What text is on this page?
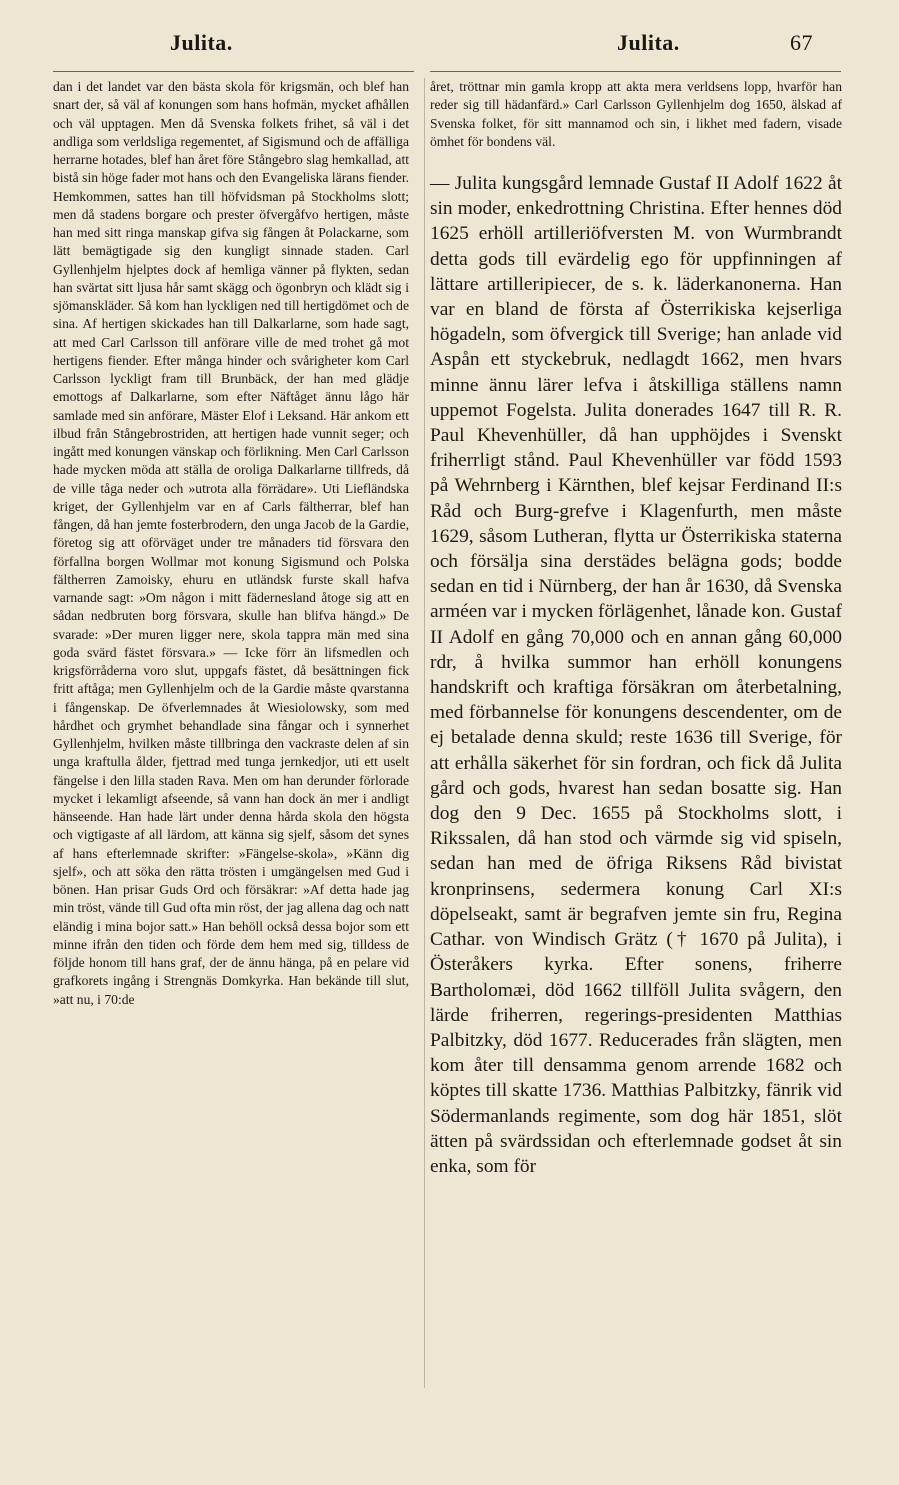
Julita.	Julita.	67

dan i det landet var den bästa skola för krigsmän, och blef han snart der, så väl af konungen som hans hofmän, mycket afhållen och väl upptagen. Men då Svenska folkets frihet, så väl i det andliga som verldsliga regementet, af Sigismund och de affälliga herrarne hotades, blef han året före Stångebro slag hemkallad, att bistå sin höge fader mot hans och den Evangeliska lärans fiender. Hemkommen, sattes han till höfvidsman på Stockholms slott; men då stadens borgare och prester öfvergåfvo hertigen, måste han med sitt ringa manskap gifva sig fången åt Polackarne, som lätt bemägtigade sig den kungligt sinnade staden. Carl Gyllenhjelm hjelptes dock af hemliga vänner på flykten, sedan han svärtat sitt ljusa hår samt skägg och ögonbryn och klädt sig i sjömanskläder. Så kom han lyckligen ned till hertigdömet och de sina. Af hertigen skickades han till Dalkarlarne, som hade sagt, att med Carl Carlsson till anförare ville de med trohet gå mot hertigens fiender. Efter många hinder och svårigheter kom Carl Carlsson lyckligt fram till Brunbäck, der han med glädje emottogs af Dalkarlarne, som efter Näftåget ännu lågo här samlade med sin anförare, Mäster Elof i Leksand. Här ankom ett ilbud från Stångebrostriden, att hertigen hade vunnit seger; och ingått med konungen vänskap och förlikning. Men Carl Carlsson hade mycken möda att ställa de oroliga Dalkarlarne tillfreds, då de ville tåga neder och »utrota alla förrädare». Uti Liefländska kriget, der Gyllenhjelm var en af Carls fältherrar, blef han fången, då han jemte fosterbrodern, den unga Jacob de la Gardie, företog sig att oförväget under tre månaders tid försvara den förfallna borgen Wollmar mot konung Sigismund och Polska fältherren Zamoisky, ehuru en utländsk furste skall hafva varnande sagt: »Om någon i mitt fädernesland åtoge sig att en sådan nedbruten borg försvara, skulle han blifva hängd.» De svarade: »Der muren ligger nere, skola tappra män med sina goda svärd fästet försvara.» — Icke förr än lifsmedlen och krigsförråderna voro slut, uppgafs fästet, då besättningen fick fritt aftåga; men Gyllenhjelm och de la Gardie måste qvarstanna i fångenskap. De öfverlemnades åt Wiesiolowsky, som med hårdhet och grymhet behandlade sina fångar och i synnerhet Gyllenhjelm, hvilken måste tillbringa den vackraste delen af sin unga kraftulla ålder, fjettrad med tunga jernkedjor, uti ett uselt fängelse i den lilla staden Rava. Men om han derunder förlorade mycket i lekamligt afseende, så vann han dock än mer i andligt hänseende. Han hade lärt under denna hårda skola den högsta och vigtigaste af all lärdom, att känna sig sjelf, såsom det synes af hans efterlemnade skrifter: »Fängelse-skola», »Känn dig sjelf», och att söka den rätta trösten i umgängelsen med Gud i bönen. Han prisar Guds Ord och försäkrar: »Af detta hade jag min tröst, vände till Gud ofta min röst, der jag allena dag och natt eländig i mina bojor satt.» Han behöll också dessa bojor som ett minne ifrån den tiden och förde dem hem med sig, tilldess de följde honom till hans graf, der de ännu hänga, på en pelare vid grafkorets ingång i Strengnäs Domkyrka. Han bekände till slut, »att nu, i 70:de

året, tröttnar min gamla kropp att akta mera verldsens lopp, hvarför han reder sig till hädanfärd.» Carl Carlsson Gyllenhjelm dog 1650, älskad af Svenska folket, för sitt mannamod och sin, i likhet med fadern, visade ömhet för bondens väl.

— Julita kungsgård lemnade Gustaf II Adolf 1622 åt sin moder, enkedrottning Christina. Efter hennes död 1625 erhöll artilleriöfversten M. von Wurmbrandt detta gods till evärdelig ego för uppfinningen af lättare artilleripiecer, de s. k. läderkanonerna. Han var en bland de första af Österrikiska kejserliga högadeln, som öfvergick till Sverige; han anlade vid Aspån ett styckebruk, nedlagdt 1662, men hvars minne ännu lärer lefva i åtskilliga ställens namn uppemot Fogelsta. Julita donerades 1647 till R. R. Paul Khevenhüller, då han upphöjdes i Svenskt friherrligt stånd. Paul Khevenhüller var född 1593 på Wehrnberg i Kärnthen, blef kejsar Ferdinand II:s Råd och Burg-grefve i Klagenfurth, men måste 1629, såsom Lutheran, flytta ur Österrikiska staterna och försälja sina derstädes belägna gods; bodde sedan en tid i Nürnberg, der han år 1630, då Svenska arméen var i mycken förlägenhet, lånade kon. Gustaf II Adolf en gång 70,000 och en annan gång 60,000 rdr, å hvilka summor han erhöll konungens handskrift och kraftiga försäkran om återbetalning, med förbannelse för konungens descendenter, om de ej betalade denna skuld; reste 1636 till Sverige, för att erhålla säkerhet för sin fordran, och fick då Julita gård och gods, hvarest han sedan bosatte sig. Han dog den 9 Dec. 1655 på Stockholms slott, i Rikssalen, då han stod och värmde sig vid spiseln, sedan han med de öfriga Riksens Råd bivistat kronprinsens, sedermera konung Carl XI:s döpelseakt, samt är begrafven jemte sin fru, Regina Cathar. von Windisch Grätz († 1670 på Julita), i Österåkers kyrka. Efter sonens, friherre Bartholomæi, död 1662 tillföll Julita svågern, den lärde friherren, regerings-presidenten Matthias Palbitzky, död 1677. Reducerades från slägten, men kom åter till densamma genom arrende 1682 och köptes till skatte 1736. Matthias Palbitzky, fänrik vid Södermanlands regimente, som dog här 1851, slöt ätten på svärdssidan och efterlemnade godset åt sin enka, som för
